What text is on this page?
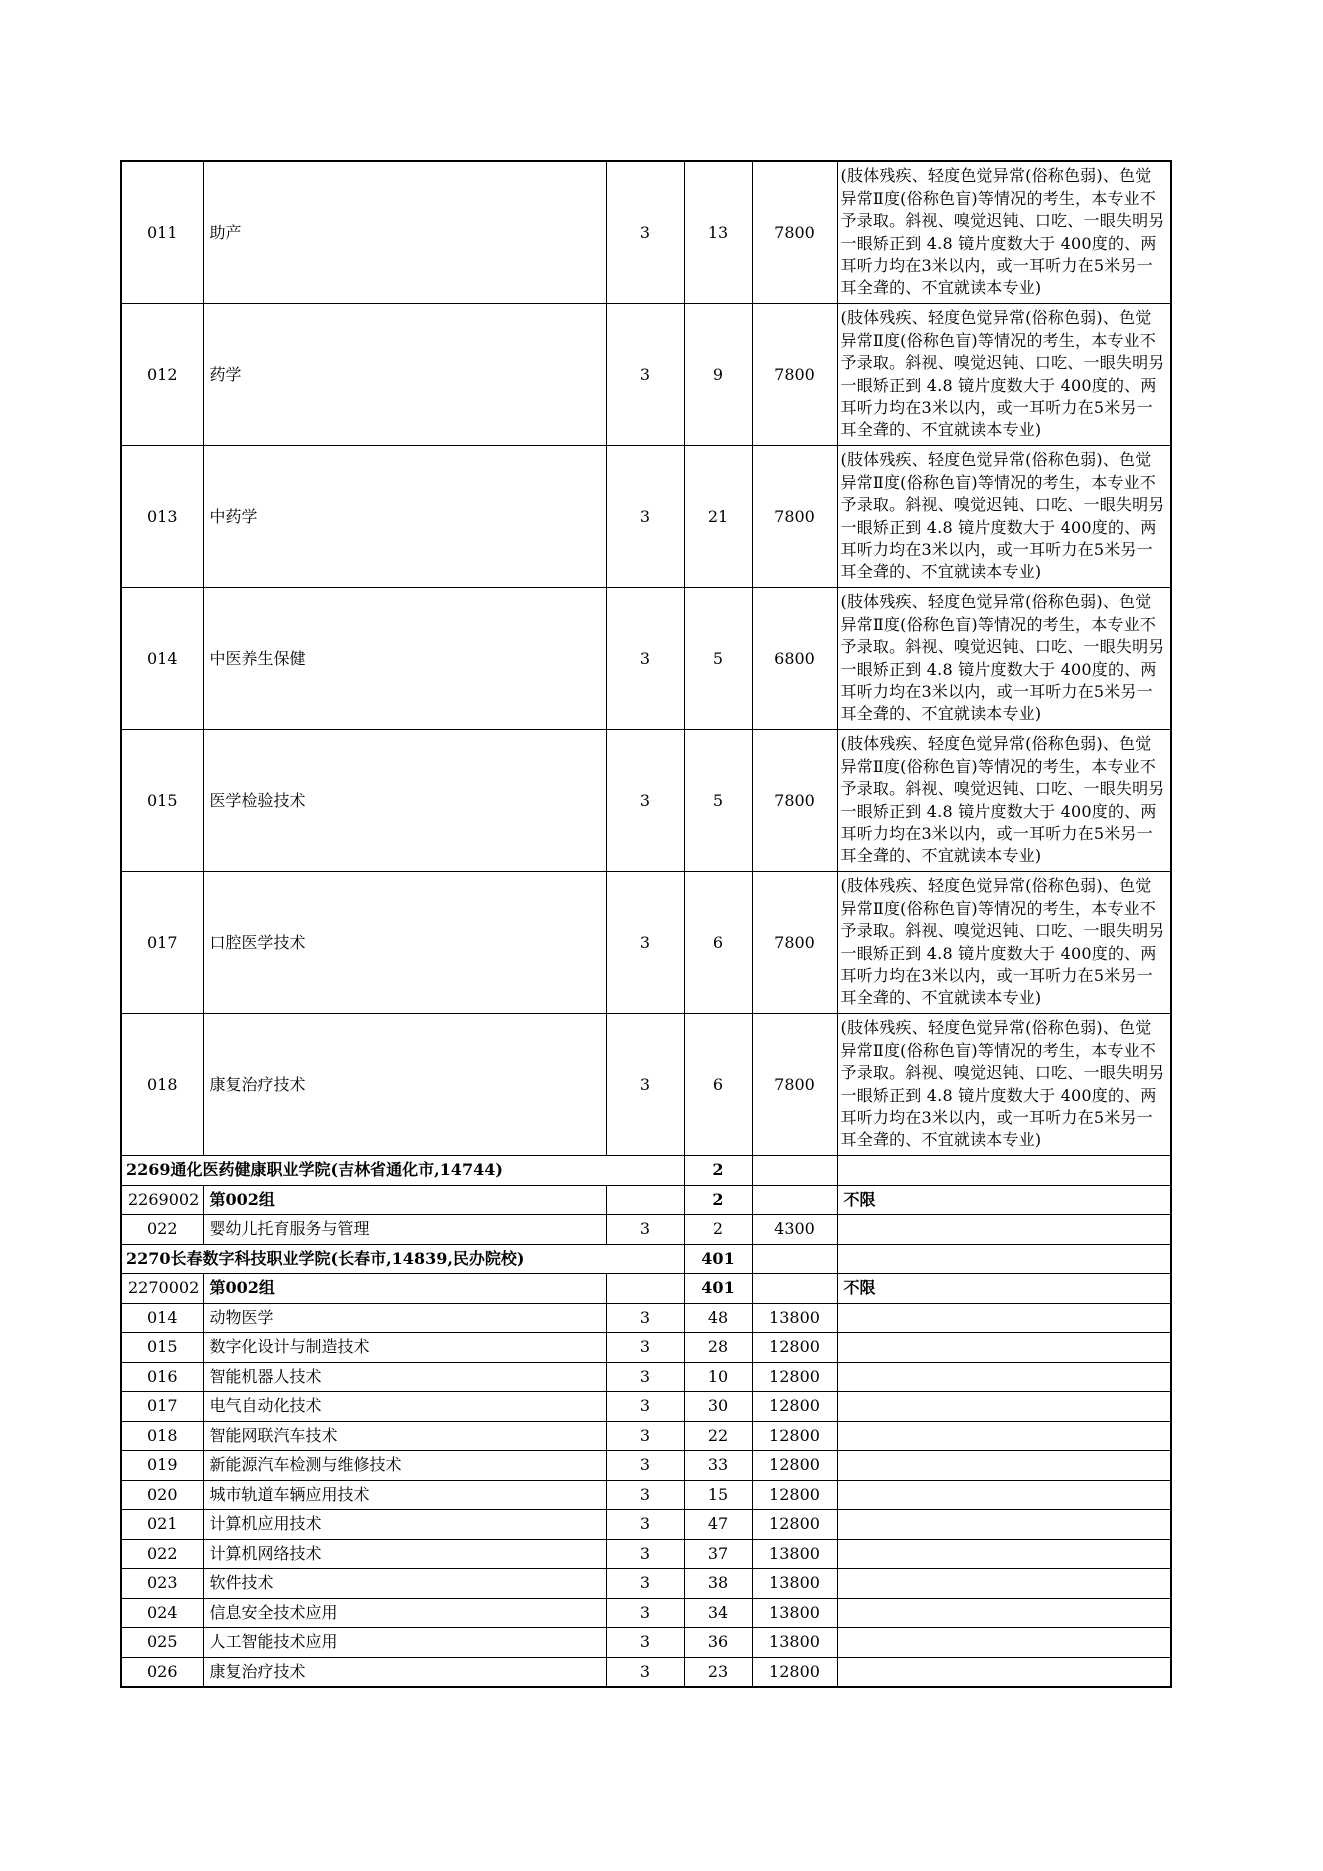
011	助产	3	13	7800	(肢体残疾、轻度色觉异常(俗称色弱)、色觉异常Ⅱ度(俗称色盲)等情况的考生，本专业不予录取。斜视、嗅觉迟钝、口吃、一眼失明另一眼矫正到 4.8 镜片度数大于 400度的、两耳听力均在3米以内，或一耳听力在5米另一耳全聋的、不宜就读本专业)
012	药学	3	9	7800	(肢体残疾、轻度色觉异常(俗称色弱)、色觉异常Ⅱ度(俗称色盲)等情况的考生，本专业不予录取。斜视、嗅觉迟钝、口吃、一眼失明另一眼矫正到 4.8 镜片度数大于 400度的、两耳听力均在3米以内，或一耳听力在5米另一耳全聋的、不宜就读本专业)
013	中药学	3	21	7800	(肢体残疾、轻度色觉异常(俗称色弱)、色觉异常Ⅱ度(俗称色盲)等情况的考生，本专业不予录取。斜视、嗅觉迟钝、口吃、一眼失明另一眼矫正到 4.8 镜片度数大于 400度的、两耳听力均在3米以内，或一耳听力在5米另一耳全聋的、不宜就读本专业)
014	中医养生保健	3	5	6800	(肢体残疾、轻度色觉异常(俗称色弱)、色觉异常Ⅱ度(俗称色盲)等情况的考生，本专业不予录取。斜视、嗅觉迟钝、口吃、一眼失明另一眼矫正到 4.8 镜片度数大于 400度的、两耳听力均在3米以内，或一耳听力在5米另一耳全聋的、不宜就读本专业)
015	医学检验技术	3	5	7800	(肢体残疾、轻度色觉异常(俗称色弱)、色觉异常Ⅱ度(俗称色盲)等情况的考生，本专业不予录取。斜视、嗅觉迟钝、口吃、一眼失明另一眼矫正到 4.8 镜片度数大于 400度的、两耳听力均在3米以内，或一耳听力在5米另一耳全聋的、不宜就读本专业)
017	口腔医学技术	3	6	7800	(肢体残疾、轻度色觉异常(俗称色弱)、色觉异常Ⅱ度(俗称色盲)等情况的考生，本专业不予录取。斜视、嗅觉迟钝、口吃、一眼失明另一眼矫正到 4.8 镜片度数大于 400度的、两耳听力均在3米以内，或一耳听力在5米另一耳全聋的、不宜就读本专业)
018	康复治疗技术	3	6	7800	(肢体残疾、轻度色觉异常(俗称色弱)、色觉异常Ⅱ度(俗称色盲)等情况的考生，本专业不予录取。斜视、嗅觉迟钝、口吃、一眼失明另一眼矫正到 4.8 镜片度数大于 400度的、两耳听力均在3米以内，或一耳听力在5米另一耳全聋的、不宜就读本专业)
2269通化医药健康职业学院(吉林省通化市,14744)			2		
2269002	第002组		2		不限
022	婴幼儿托育服务与管理	3	2	4300	
2270长春数字科技职业学院(长春市,14839,民办院校)			401		
2270002	第002组		401		不限
014	动物医学	3	48	13800	
015	数字化设计与制造技术	3	28	12800	
016	智能机器人技术	3	10	12800	
017	电气自动化技术	3	30	12800	
018	智能网联汽车技术	3	22	12800	
019	新能源汽车检测与维修技术	3	33	12800	
020	城市轨道车辆应用技术	3	15	12800	
021	计算机应用技术	3	47	12800	
022	计算机网络技术	3	37	13800	
023	软件技术	3	38	13800	
024	信息安全技术应用	3	34	13800	
025	人工智能技术应用	3	36	13800	
026	康复治疗技术	3	23	12800	
